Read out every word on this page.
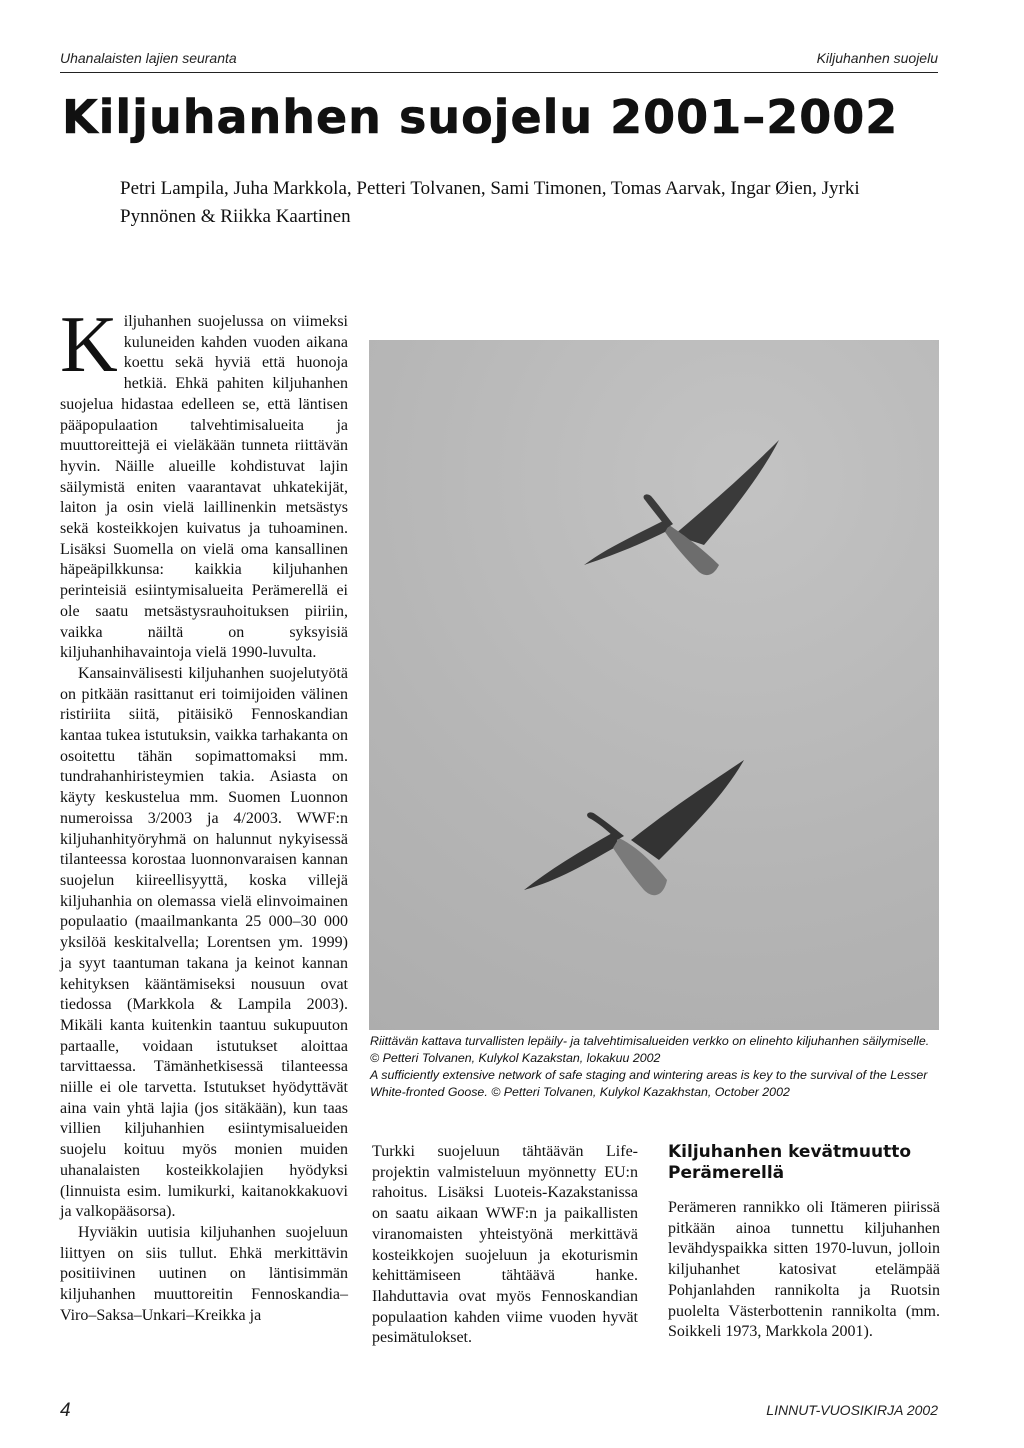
Uhanalaisten lajien seuranta	Kiljuhanhen suojelu
Kiljuhanhen suojelu 2001–2002
Petri Lampila, Juha Markkola, Petteri Tolvanen, Sami Timonen, Tomas Aarvak, Ingar Øien, Jyrki Pynnönen & Riikka Kaartinen

Kiljuhanhen suojelussa on viimeksi kuluneiden kahden vuoden aikana koettu sekä hyviä että huonoja hetkiä. Ehkä pahiten kiljuhanhen suojelua hidastaa edelleen se, että läntisen pääpopulaation talvehtimisalueita ja muuttoreittejä ei vieläkään tunneta riittävän hyvin. Näille alueille kohdistuvat lajin säilymistä eniten vaarantavat uhkatekijät, laiton ja osin vielä laillinenkin metsästys sekä kosteikkojen kuivatus ja tuhoaminen. Lisäksi Suomella on vielä oma kansallinen häpeäpilkkunsa: kaikkia kiljuhanhen perinteisiä esiintymisalueita Perämerellä ei ole saatu metsästysrauhoituksen piiriin, vaikka näiltä on syksyisiä kiljuhanhihavaintoja vielä 1990-luvulta.

Kansainvälisesti kiljuhanhen suojelutyötä on pitkään rasittanut eri toimijoiden välinen ristiriita siitä, pitäisikö Fennoskandian kantaa tukea istutuksin, vaikka tarhakanta on osoitettu tähän sopimattomaksi mm. tundrahanhiristeymien takia. Asiasta on käyty keskustelua mm. Suomen Luonnon numeroissa 3/2003 ja 4/2003. WWF:n kiljuhanhityöryhmä on halunnut nykyisessä tilanteessa korostaa luonnonvaraisen kannan suojelun kiireellisyyttä, koska villejä kiljuhanhia on olemassa vielä elinvoimainen populaatio (maailmankanta 25 000–30 000 yksilöä keskitalvella; Lorentsen ym. 1999) ja syyt taantuman takana ja keinot kannan kehityksen kääntämiseksi nousuun ovat tiedossa (Markkola & Lampila 2003). Mikäli kanta kuitenkin taantuu sukupuuton partaalle, voidaan istutukset aloittaa tarvittaessa. Tämänhetkisessä tilanteessa niille ei ole tarvetta. Istutukset hyödyttävät aina vain yhtä lajia (jos sitäkään), kun taas villien kiljuhanhien esiintymisalueiden suojelu koituu myös monien muiden uhanalaisten kosteikkolajien hyödyksi (linnuista esim. lumikurki, kaitanokkakuovi ja valkopääsorsa).

Hyviäkin uutisia kiljuhanhen suojeluun liittyen on siis tullut. Ehkä merkittävin positiivinen uutinen on läntisimmän kiljuhanhen muuttoreitin Fennoskandia–Viro–Saksa–Unkari–Kreikka ja

Riittävän kattava turvallisten lepäily- ja talvehtimisalueiden verkko on elinehto kiljuhanhen säilymiselle. © Petteri Tolvanen, Kulykol Kazakstan, lokakuu 2002

A sufficiently extensive network of safe staging and wintering areas is key to the survival of the Lesser White-fronted Goose. © Petteri Tolvanen, Kulykol Kazakhstan, October 2002

Turkki suojeluun tähtäävän Life-projektin valmisteluun myönnetty EU:n rahoitus. Lisäksi Luoteis-Kazakstanissa on saatu aikaan WWF:n ja paikallisten viranomaisten yhteistyönä merkittävä kosteikkojen suojeluun ja ekoturismin kehittämiseen tähtäävä hanke. Ilahduttavia ovat myös Fennoskandian populaation kahden viime vuoden hyvät pesimätulokset.

Kiljuhanhen kevätmuutto Perämerellä

Perämeren rannikko oli Itämeren piirissä pitkään ainoa tunnettu kiljuhanhen levähdyspaikka sitten 1970-luvun, jolloin kiljuhanhet katosivat etelämpää Pohjanlahden rannikolta ja Ruotsin puolelta Västerbottenin rannikolta (mm. Soikkeli 1973, Markkola 2001).

4	LINNUT-VUOSIKIRJA 2002
